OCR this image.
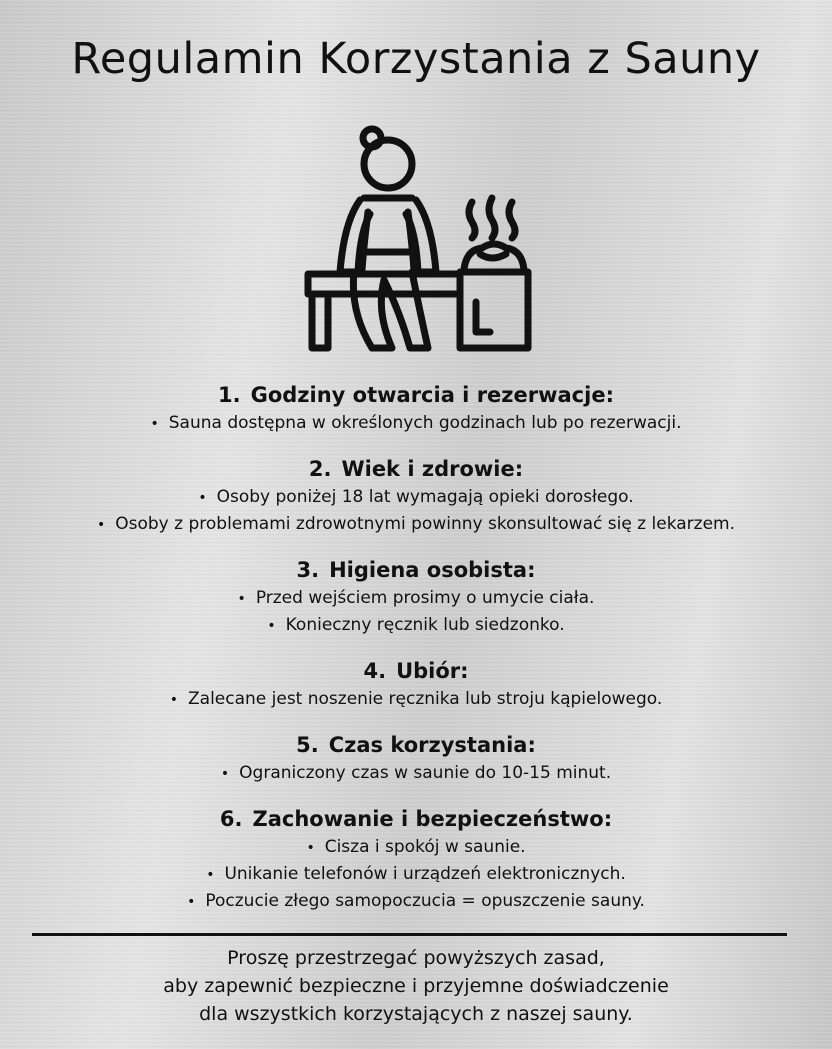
Regulamin Korzystania z Sauny

1. Godziny otwarcia i rezerwacje:

• Sauna dostępna w określonych godzinach lub po rezerwacji.

2. Wiek i zdrowie:

• Osoby poniżej 18 lat wymagają opieki dorosłego.

• Osoby z problemami zdrowotnymi powinny skonsultować się z lekarzem.

3. Higiena osobista:

• Przed wejściem prosimy o umycie ciała.

• Konieczny ręcznik lub siedzonko.

4. Ubiór:

• Zalecane jest noszenie ręcznika lub stroju kąpielowego.

5. Czas korzystania:

• Ograniczony czas w saunie do 10-15 minut.

6. Zachowanie i bezpieczeństwo:

• Cisza i spokój w saunie.

• Unikanie telefonów i urządzeń elektronicznych.

• Poczucie złego samopoczucia = opuszczenie sauny.

Proszę przestrzegać powyższych zasad,

aby zapewnić bezpieczne i przyjemne doświadczenie

dla wszystkich korzystających z naszej sauny.
